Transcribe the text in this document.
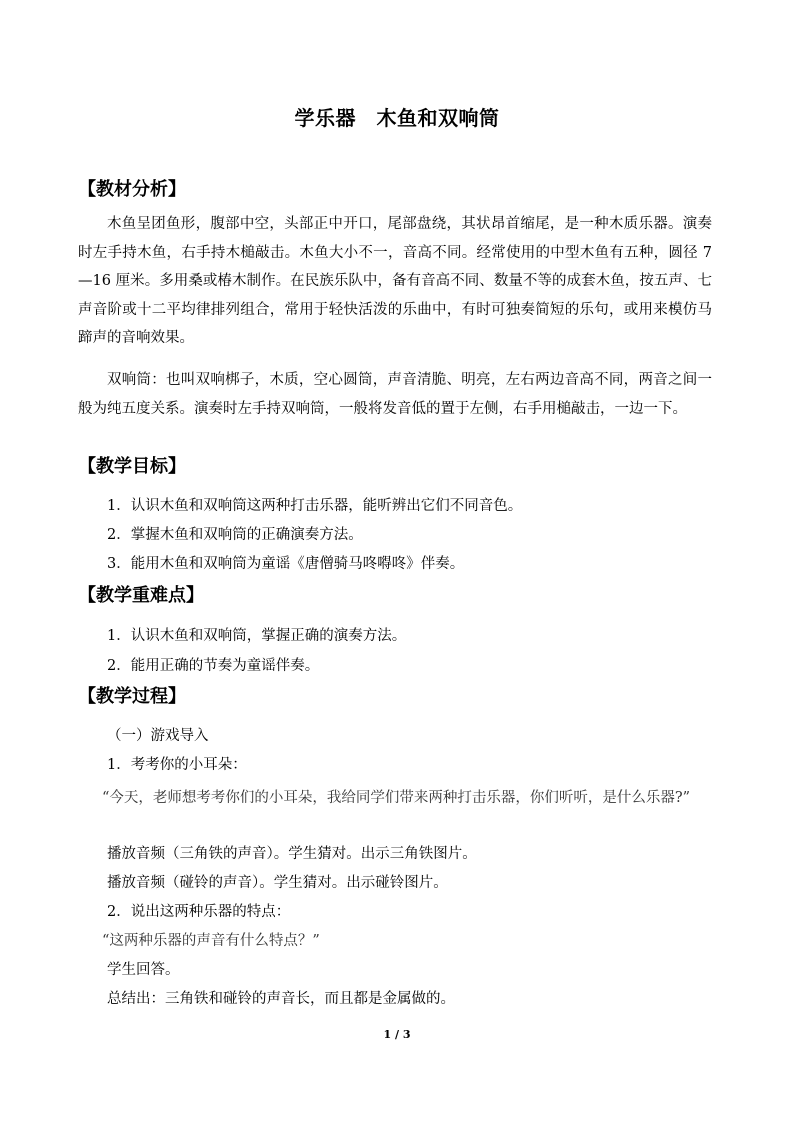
学乐器　木鱼和双响筒
【教材分析】

木鱼呈团鱼形，腹部中空，头部正中开口，尾部盘绕，其状昂首缩尾，是一种木质乐器。演奏时左手持木鱼，右手持木槌敲击。木鱼大小不一，音高不同。经常使用的中型木鱼有五种，圆径 7—16 厘米。多用桑或椿木制作。在民族乐队中，备有音高不同、数量不等的成套木鱼，按五声、七声音阶或十二平均律排列组合，常用于轻快活泼的乐曲中，有时可独奏简短的乐句，或用来模仿马蹄声的音响效果。

双响筒：也叫双响梆子，木质，空心圆筒，声音清脆、明亮，左右两边音高不同，两音之间一般为纯五度关系。演奏时左手持双响筒，一般将发音低的置于左侧，右手用槌敲击，一边一下。

【教学目标】
1．认识木鱼和双响筒这两种打击乐器，能听辨出它们不同音色。
2．掌握木鱼和双响筒的正确演奏方法。
3．能用木鱼和双响筒为童谣《唐僧骑马咚嘚咚》伴奏。
【教学重难点】
1．认识木鱼和双响筒，掌握正确的演奏方法。
2．能用正确的节奏为童谣伴奏。
【教学过程】
（一）游戏导入
1．考考你的小耳朵：

“今天，老师想考考你们的小耳朵，我给同学们带来两种打击乐器，你们听听，是什么乐器?”

播放音频（三角铁的声音）。学生猜对。出示三角铁图片。
播放音频（碰铃的声音）。学生猜对。出示碰铃图片。
2．说出这两种乐器的特点：
“这两种乐器的声音有什么特点？”
学生回答。
总结出：三角铁和碰铃的声音长，而且都是金属做的。
1 / 3
